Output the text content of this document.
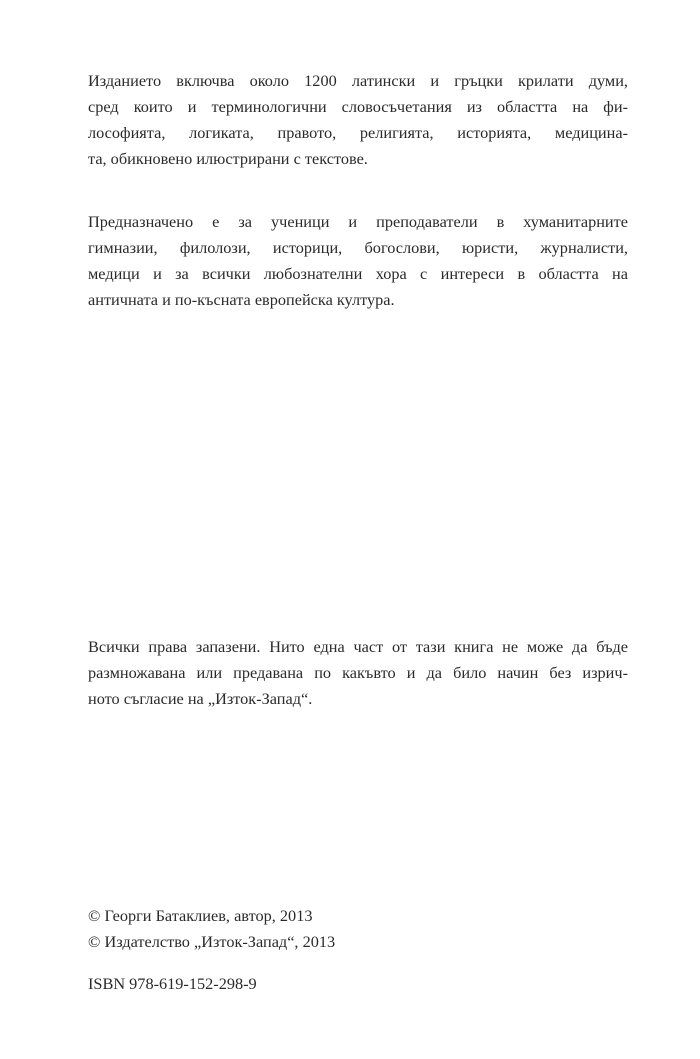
Изданието включва около 1200 латински и гръцки крилати думи,
сред които и терминологични словосъчетания из областта на фи-
лософията, логиката, правото, религията, историята, медицина-
та, обикновено илюстрирани с текстове.
Предназначено е за ученици и преподаватели в хуманитарните
гимназии, филолози, историци, богослови, юристи, журналисти,
медици и за всички любознателни хора с интереси в областта на
античната и по-късната европейска култура.
Всички права запазени. Нито една част от тази книга не може да бъде
размножавана или предавана по какъвто и да било начин без изрич-
ното съгласие на „Изток-Запад“.
© Георги Батаклиев, автор, 2013
© Издателство „Изток-Запад“, 2013
ISBN 978-619-152-298-9
